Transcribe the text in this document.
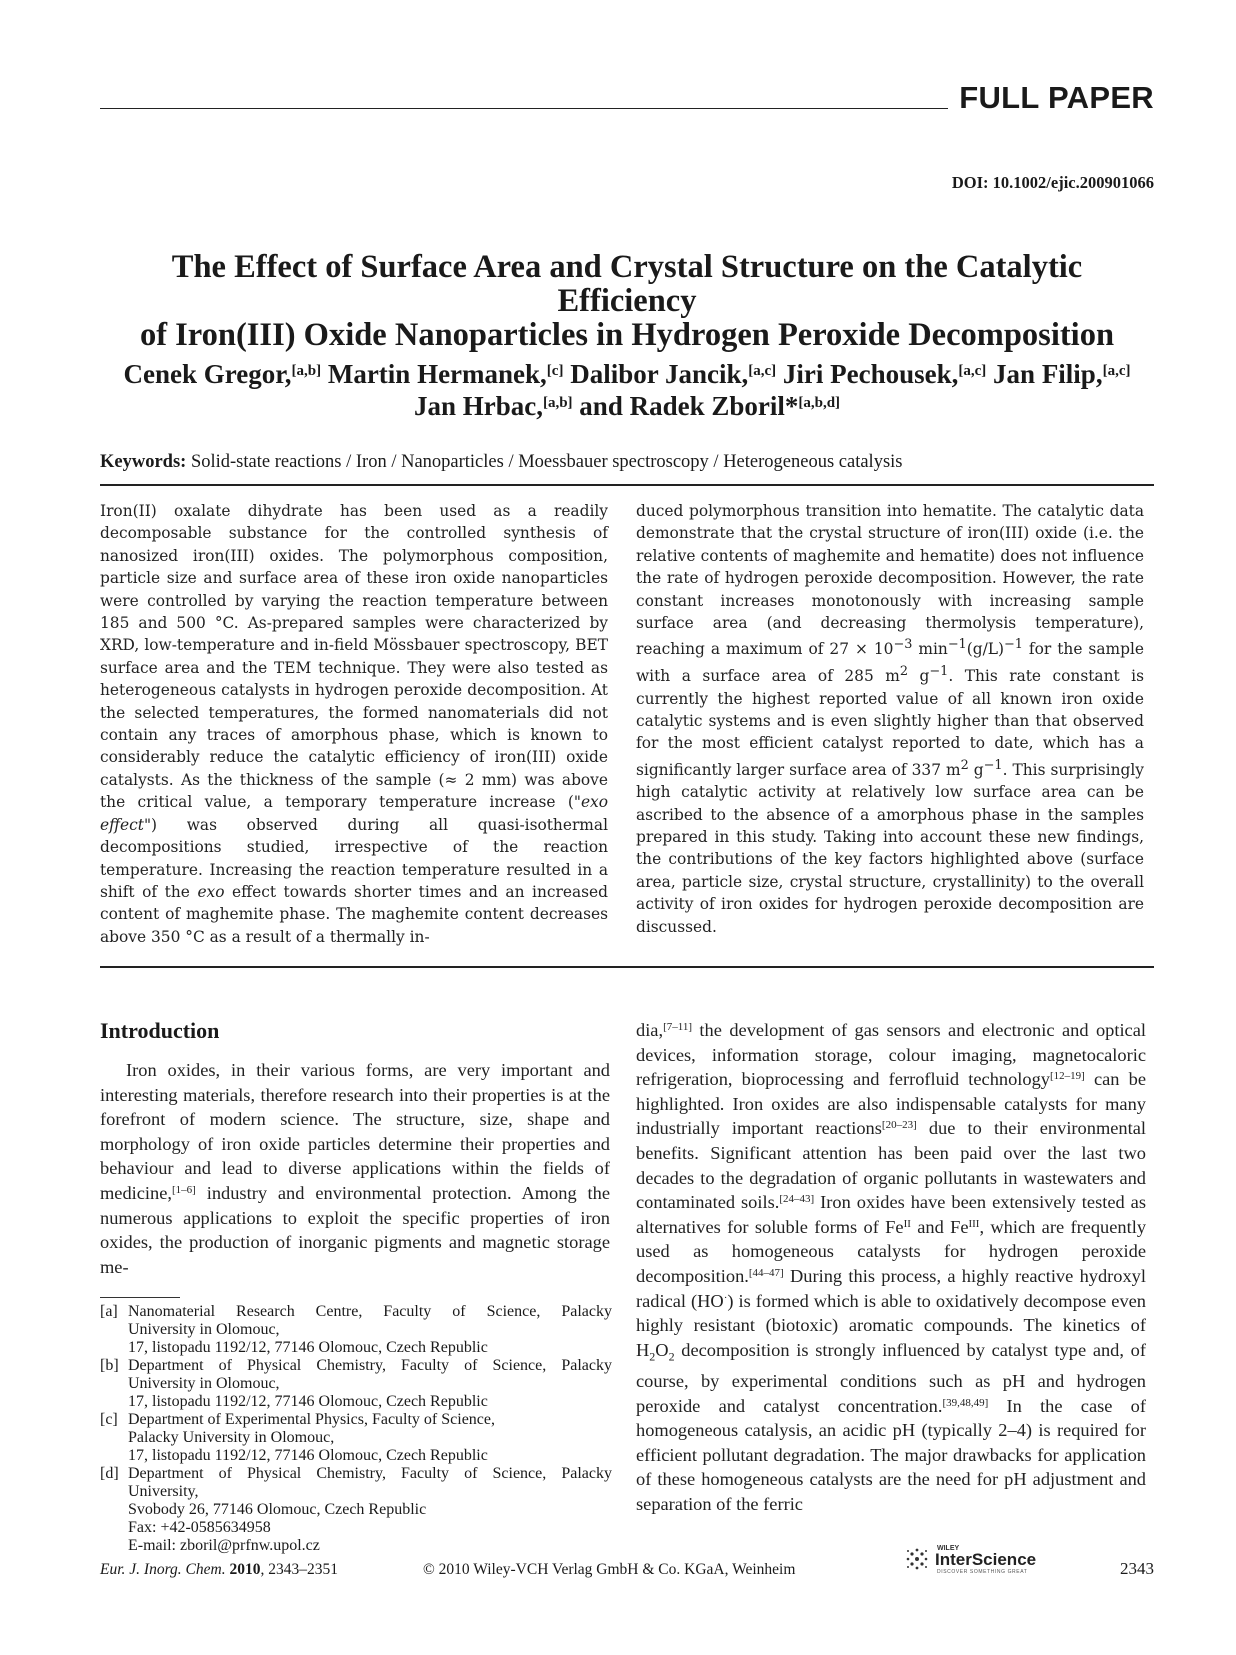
FULL PAPER
DOI: 10.1002/ejic.200901066
The Effect of Surface Area and Crystal Structure on the Catalytic Efficiency
of Iron(III) Oxide Nanoparticles in Hydrogen Peroxide Decomposition
Cenek Gregor,[a,b] Martin Hermanek,[c] Dalibor Jancik,[a,c] Jiri Pechousek,[a,c] Jan Filip,[a,c]
Jan Hrbac,[a,b] and Radek Zboril*[a,b,d]
Keywords: Solid-state reactions / Iron / Nanoparticles / Moessbauer spectroscopy / Heterogeneous catalysis

Iron(II) oxalate dihydrate has been used as a readily decomposable substance for the controlled synthesis of nanosized iron(III) oxides. The polymorphous composition, particle size and surface area of these iron oxide nanoparticles were controlled by varying the reaction temperature between 185 and 500 °C. As-prepared samples were characterized by XRD, low-temperature and in-field Mössbauer spectroscopy, BET surface area and the TEM technique. They were also tested as heterogeneous catalysts in hydrogen peroxide decomposition. At the selected temperatures, the formed nanomaterials did not contain any traces of amorphous phase, which is known to considerably reduce the catalytic efficiency of iron(III) oxide catalysts. As the thickness of the sample (≈ 2 mm) was above the critical value, a temporary temperature increase ("exo effect") was observed during all quasi-isothermal decompositions studied, irrespective of the reaction temperature. Increasing the reaction temperature resulted in a shift of the exo effect towards shorter times and an increased content of maghemite phase. The maghemite content decreases above 350 °C as a result of a thermally in-

duced polymorphous transition into hematite. The catalytic data demonstrate that the crystal structure of iron(III) oxide (i.e. the relative contents of maghemite and hematite) does not influence the rate of hydrogen peroxide decomposition. However, the rate constant increases monotonously with increasing sample surface area (and decreasing thermolysis temperature), reaching a maximum of $27 \times 10^{-3}$ $\min^{-1}(g/L)^{-1}$ for the sample with a surface area of 285 $m^2$ $g^{-1}$. This rate constant is currently the highest reported value of all known iron oxide catalytic systems and is even slightly higher than that observed for the most efficient catalyst reported to date, which has a significantly larger surface area of 337 $m^2$ $g^{-1}$. This surprisingly high catalytic activity at relatively low surface area can be ascribed to the absence of a amorphous phase in the samples prepared in this study. Taking into account these new findings, the contributions of the key factors highlighted above (surface area, particle size, crystal structure, crystallinity) to the overall activity of iron oxides for hydrogen peroxide decomposition are discussed.

Introduction

Iron oxides, in their various forms, are very important and interesting materials, therefore research into their properties is at the forefront of modern science. The structure, size, shape and morphology of iron oxide particles determine their properties and behaviour and lead to diverse applications within the fields of medicine,[1–6] industry and environmental protection. Among the numerous applications to exploit the specific properties of iron oxides, the production of inorganic pigments and magnetic storage me-

dia,[7–11] the development of gas sensors and electronic and optical devices, information storage, colour imaging, magnetocaloric refrigeration, bioprocessing and ferrofluid technology[12–19] can be highlighted. Iron oxides are also indispensable catalysts for many industrially important reactions[20–23] due to their environmental benefits. Significant attention has been paid over the last two decades to the degradation of organic pollutants in wastewaters and contaminated soils.[24–43] Iron oxides have been extensively tested as alternatives for soluble forms of $Fe^{II}$ and $Fe^{III}$, which are frequently used as homogeneous catalysts for hydrogen peroxide decomposition.[44–47] During this process, a highly reactive hydroxyl radical (HO·) is formed which is able to oxidatively decompose even highly resistant (biotoxic) aromatic compounds. The kinetics of $H_2O_2$ decomposition is strongly influenced by catalyst type and, of course, by experimental conditions such as pH and hydrogen peroxide and catalyst concentration.[39,48,49] In the case of homogeneous catalysis, an acidic pH (typically 2–4) is required for efficient pollutant degradation. The major drawbacks for application of these homogeneous catalysts are the need for pH adjustment and separation of the ferric

[a] Nanomaterial Research Centre, Faculty of Science, Palacky
University in Olomouc,
17, listopadu 1192/12, 77146 Olomouc, Czech Republic
[b] Department of Physical Chemistry, Faculty of Science, Palacky
University in Olomouc,
17, listopadu 1192/12, 77146 Olomouc, Czech Republic
[c] Department of Experimental Physics, Faculty of Science,
Palacky University in Olomouc,
17, listopadu 1192/12, 77146 Olomouc, Czech Republic
[d] Department of Physical Chemistry, Faculty of Science, Palacky
University,
Svobody 26, 77146 Olomouc, Czech Republic
Fax: +42-0585634958
E-mail: zboril@prfnw.upol.cz
Eur. J. Inorg. Chem. 2010, 2343–2351	© 2010 Wiley-VCH Verlag GmbH & Co. KGaA, Weinheim
WILEY
InterScience
DISCOVER SOMETHING GREAT	2343
